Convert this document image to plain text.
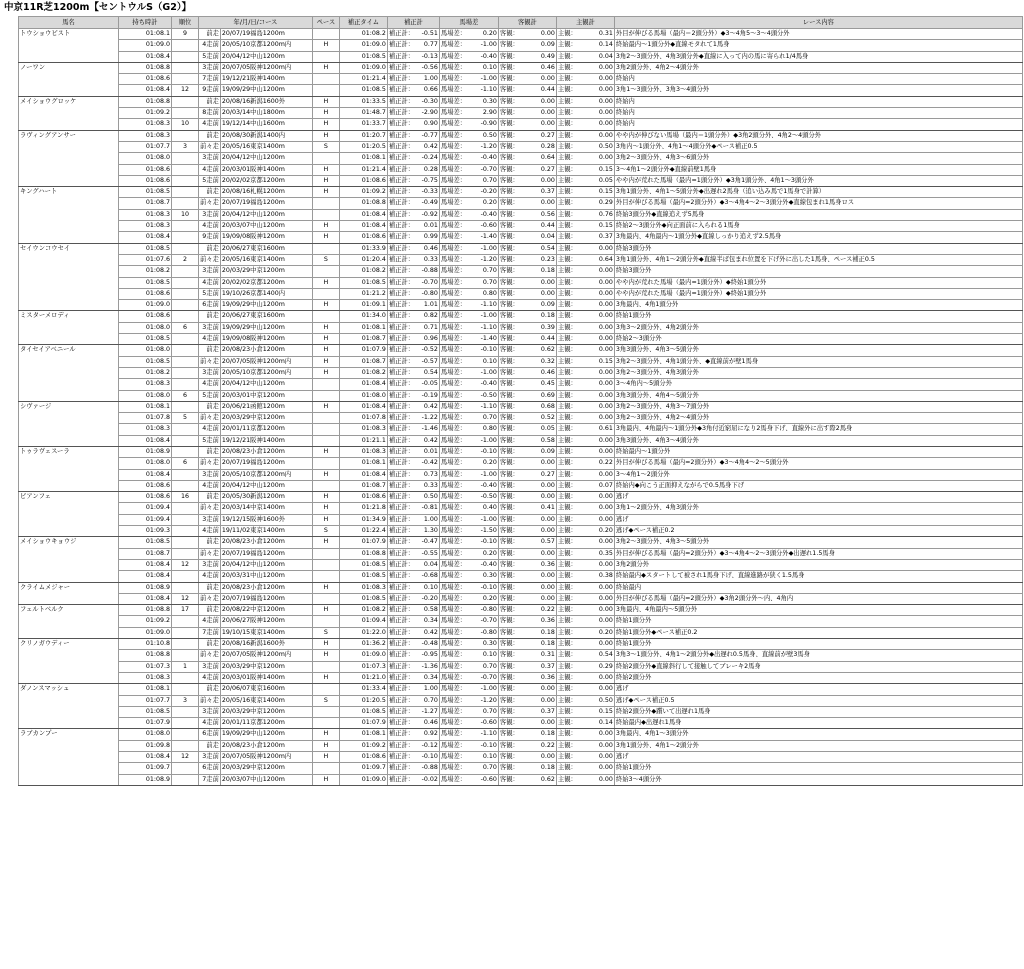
中京11R芝1200m【セントウルS（G2）】
馬名	持ち時計	順位	年/月/日/コース		ペース	補正タイム	補正計		馬場差		客観計		主観計		レース内容
トウショウピスト	01:08.1	9	前走	20/07/19福島1200m		01:08.2	補正計：	-0.51	馬場差：	0.20	客観：	0.00	主観：	0.31	外目が伸びる馬場（最内＝2頭分外）◆3～4角5～3～4頭分外
	01:09.0		4走前	20/05/10京都1200m内	H	01:09.0	補正計：	0.77	馬場差：	-1.00	客観：	0.09	主観：	0.14	終始最内～1頭分外◆直線モタれて1馬身
	01:08.4		5走前	20/04/12中山1200m		01:08.5	補正計：	-0.13	馬場差：	-0.40	客観：	0.49	主観：	0.04	3角2～3頭分外、4角3頭分外◆直線に入って内の馬に寄られ1/4馬身
ノーワン	01:08.8		3走前	20/07/05阪神1200m内	H	01:09.0	補正計：	-0.56	馬場差：	0.10	客観：	0.46	主観：	0.00	3角2頭分外、4角2～4頭分外
	01:08.6		7走前	19/12/21阪神1400m		01:21.4	補正計：	1.00	馬場差：	-1.00	客観：	0.00	主観：	0.00	終始内
	01:08.4	12	9走前	19/09/29中山1200m		01:08.5	補正計：	0.66	馬場差：	-1.10	客観：	0.44	主観：	0.00	3角1～3頭分外、3角3～4頭分外
メイショウグロッケ	01:08.8		前走	20/08/16新潟1600外	H	01:33.5	補正計：	-0.30	馬場差：	0.30	客観：	0.00	主観：	0.00	終始内
	01:09.2		8走前	20/03/14中山1800m	H	01:48.7	補正計：	-2.90	馬場差：	2.90	客観：	0.00	主観：	0.00	終始内
	01:08.3	10	4走前	19/12/14中山1600m	H	01:33.7	補正計：	0.90	馬場差：	-0.90	客観：	0.00	主観：	0.00	終始内
ラヴィングアンサー	01:08.3		前走	20/08/30新潟1400内	H	01:20.7	補正計：	-0.77	馬場差：	0.50	客観：	0.27	主観：	0.00	やや内が伸びない馬場（最内＝1頭分外）◆3角2頭分外、4角2～4頭分外
	01:07.7	3	前々走	20/05/16東京1400m	S	01:20.5	補正計：	0.42	馬場差：	-1.20	客観：	0.28	主観：	0.50	3角内～1頭分外、4角1～4頭分外◆ペース補正0.5
	01:08.0		3走前	20/04/12中山1200m		01:08.1	補正計：	-0.24	馬場差：	-0.40	客観：	0.64	主観：	0.00	3角2～3頭分外、4角3～6頭分外
	01:08.6		4走前	20/03/01阪神1400m	H	01:21.4	補正計：	0.28	馬場差：	-0.70	客観：	0.27	主観：	0.15	3～4角1～2頭分外◆直線前壁1馬身
	01:08.6		5走前	20/02/02京都1200m	H	01:08.6	補正計：	-0.75	馬場差：	0.70	客観：	0.00	主観：	0.05	やや内が荒れた馬場（最内=1頭分外）◆3角1頭分外、4角1～3頭分外
キングハート	01:08.5		前走	20/08/16札幌1200m	H	01:09.2	補正計：	-0.33	馬場差：	-0.20	客観：	0.37	主観：	0.15	3角1頭分外、4角1～5頭分外◆出遅れ2馬身（追い込み馬で1馬身で計算）
	01:08.7		前々走	20/07/19福島1200m		01:08.8	補正計：	-0.49	馬場差：	0.20	客観：	0.00	主観：	0.29	外目が伸びる馬場（最内=2頭分外）◆3～4角4～2～3頭分外◆直線包まれ1馬身ロス
	01:08.3	10	3走前	20/04/12中山1200m		01:08.4	補正計：	-0.92	馬場差：	-0.40	客観：	0.56	主観：	0.76	終始3頭分外◆直線追えず5馬身
	01:08.3		4走前	20/03/07中山1200m	H	01:08.4	補正計：	0.01	馬場差：	-0.60	客観：	0.44	主観：	0.15	終始2～3頭分外◆向正面前に入られる1馬身
	01:08.4		9走前	19/09/08阪神1200m	H	01:08.6	補正計：	0.99	馬場差：	-1.40	客観：	0.04	主観：	0.37	3角最内、4角最内～1頭分外◆直線しっかり追えず2.5馬身
セイウンコウセイ	01:08.5		前走	20/06/27東京1600m		01:33.9	補正計：	0.46	馬場差：	-1.00	客観：	0.54	主観：	0.00	終始3頭分外
	01:07.6	2	前々走	20/05/16東京1400m	S	01:20.4	補正計：	0.33	馬場差：	-1.20	客観：	0.23	主観：	0.64	3角1頭分外、4角1～2頭分外◆直線半ば包まれ位置を下げ外に出した1馬身、ペース補正0.5
	01:08.2		3走前	20/03/29中京1200m		01:08.2	補正計：	-0.88	馬場差：	0.70	客観：	0.18	主観：	0.00	終始3頭分外
	01:08.5		4走前	20/02/02京都1200m	H	01:08.5	補正計：	-0.70	馬場差：	0.70	客観：	0.00	主観：	0.00	やや内が荒れた馬場（最内=1頭分外）◆終始1頭分外
	01:08.6		5走前	19/10/26京都1400内		01:21.2	補正計：	-0.80	馬場差：	0.80	客観：	0.00	主観：	0.00	やや内が荒れた馬場（最内=1頭分外）◆終始1頭分外
	01:09.0		6走前	19/09/29中山1200m	H	01:09.1	補正計：	1.01	馬場差：	-1.10	客観：	0.09	主観：	0.00	3角最内、4角1頭分外
ミスターメロディ	01:08.6		前走	20/06/27東京1600m		01:34.0	補正計：	0.82	馬場差：	-1.00	客観：	0.18	主観：	0.00	終始1頭分外
	01:08.0	6	3走前	19/09/29中山1200m	H	01:08.1	補正計：	0.71	馬場差：	-1.10	客観：	0.39	主観：	0.00	3角3～2頭分外、4角2頭分外
	01:08.5		4走前	19/09/08阪神1200m	H	01:08.7	補正計：	0.96	馬場差：	-1.40	客観：	0.44	主観：	0.00	終始2～3頭分外
タイセイアベニール	01:08.0		前走	20/08/23小倉1200m	H	01:07.9	補正計：	-0.52	馬場差：	-0.10	客観：	0.62	主観：	0.00	3角3頭分外、4角3～5頭分外
	01:08.5		前々走	20/07/05阪神1200m内	H	01:08.7	補正計：	-0.57	馬場差：	0.10	客観：	0.32	主観：	0.15	3角2～3頭分外、4角1頭分外、◆直線前が壁1馬身
	01:08.2		3走前	20/05/10京都1200m内	H	01:08.2	補正計：	0.54	馬場差：	-1.00	客観：	0.46	主観：	0.00	3角2～3頭分外、4角3頭分外
	01:08.3		4走前	20/04/12中山1200m		01:08.4	補正計：	-0.05	馬場差：	-0.40	客観：	0.45	主観：	0.00	3～4角内～5頭分外
	01:08.0	6	5走前	20/03/01中京1200m		01:08.0	補正計：	-0.19	馬場差：	-0.50	客観：	0.69	主観：	0.00	3角3頭分外、4角4～5頭分外
シヴァージ	01:08.1		前走	20/06/21函館1200m	H	01:08.4	補正計：	0.42	馬場差：	-1.10	客観：	0.68	主観：	0.00	3角2～3頭分外、4角3～7頭分外
	01:07.8	5	前々走	20/03/29中京1200m		01:07.8	補正計：	-1.22	馬場差：	0.70	客観：	0.52	主観：	0.00	3角2～3頭分外、4角2～4頭分外
	01:08.3		4走前	20/01/11京都1200m		01:08.3	補正計：	-1.46	馬場差：	0.80	客観：	0.05	主観：	0.61	3角最内、4角最内～1頭分外◆3角付近窮屈になり2馬身下げ、直線外に出す際2馬身
	01:08.4		5走前	19/12/21阪神1400m		01:21.1	補正計：	0.42	馬場差：	-1.00	客観：	0.58	主観：	0.00	3角3頭分外、4角3～4頭分外
トゥラヴェスーラ	01:08.9		前走	20/08/23小倉1200m	H	01:08.3	補正計：	0.01	馬場差：	-0.10	客観：	0.09	主観：	0.00	終始最内～1頭分外
	01:08.0	6	前々走	20/07/19福島1200m		01:08.1	補正計：	-0.42	馬場差：	0.20	客観：	0.00	主観：	0.22	外目が伸びる馬場（最内=2頭分外）◆3～4角4～2～5頭分外
	01:08.4		3走前	20/05/10京都1200m内	H	01:08.4	補正計：	0.73	馬場差：	-1.00	客観：	0.27	主観：	0.00	3～4角1～2頭分外
	01:08.6		4走前	20/04/12中山1200m		01:08.7	補正計：	0.33	馬場差：	-0.40	客観：	0.00	主観：	0.07	終始内◆向こう正面抑えながらで0.5馬身下げ
ビアンフェ	01:08.6	16	前走	20/05/30新潟1200m	H	01:08.6	補正計：	0.50	馬場差：	-0.50	客観：	0.00	主観：	0.00	逃げ
	01:09.4		前々走	20/03/14中京1400m	H	01:21.8	補正計：	-0.81	馬場差：	0.40	客観：	0.41	主観：	0.00	3角1～2頭分外、4角3頭分外
	01:09.4		3走前	19/12/15阪神1600外	H	01:34.9	補正計：	1.00	馬場差：	-1.00	客観：	0.00	主観：	0.00	逃げ
	01:09.3		4走前	19/11/02東京1400m	S	01:22.4	補正計：	1.30	馬場差：	-1.50	客観：	0.00	主観：	0.20	逃げ◆ペース補正0.2
メイショウキョウジ	01:08.5		前走	20/08/23小倉1200m	H	01:07.9	補正計：	-0.47	馬場差：	-0.10	客観：	0.57	主観：	0.00	3角2～3頭分外、4角3～5頭分外
	01:08.7		前々走	20/07/19福島1200m		01:08.8	補正計：	-0.55	馬場差：	0.20	客観：	0.00	主観：	0.35	外目が伸びる馬場（最内=2頭分外）◆3～4角4～2～3頭分外◆出遅れ1.5馬身
	01:08.4	12	3走前	20/04/12中山1200m		01:08.5	補正計：	0.04	馬場差：	-0.40	客観：	0.36	主観：	0.00	3角2頭分外
	01:08.4		4走前	20/03/31中山1200m		01:08.5	補正計：	-0.68	馬場差：	0.30	客観：	0.00	主観：	0.38	終始最内◆スタートして被され1馬身下げ、直線進路が狭く1.5馬身
クライムメジャー	01:08.9		前走	20/08/23小倉1200m	H	01:08.3	補正計：	0.10	馬場差：	-0.10	客観：	0.00	主観：	0.00	終始最内
	01:08.4	12	前々走	20/07/19福島1200m		01:08.5	補正計：	-0.20	馬場差：	0.20	客観：	0.00	主観：	0.00	外目が伸びる馬場（最内=2頭分外）◆3角2頭分外～内、4角内
フェルトベルク	01:08.8	17	前走	20/08/22中京1200m	H	01:08.2	補正計：	0.58	馬場差：	-0.80	客観：	0.22	主観：	0.00	3角最内、4角最内～5頭分外
	01:09.2		4走前	20/06/27阪神1200m		01:09.4	補正計：	0.34	馬場差：	-0.70	客観：	0.36	主観：	0.00	終始1頭分外
	01:09.0		7走前	19/10/15東京1400m	S	01:22.0	補正計：	0.42	馬場差：	-0.80	客観：	0.18	主観：	0.20	終始1頭分外◆ペース補正0.2
クリノガウディー	01:10.8		前走	20/08/16新潟1600外	H	01:36.2	補正計：	-0.48	馬場差：	0.30	客観：	0.18	主観：	0.00	終始1頭分外
	01:08.8		前々走	20/07/05阪神1200m内	H	01:09.0	補正計：	-0.95	馬場差：	0.10	客観：	0.31	主観：	0.54	3角3～1頭分外、4角1～2頭分外◆出遅れ0.5馬身、直線前が壁3馬身
	01:07.3	1	3走前	20/03/29中京1200m		01:07.3	補正計：	-1.36	馬場差：	0.70	客観：	0.37	主観：	0.29	終始2頭分外◆直線斜行して接触してブレーキ2馬身
	01:08.3		4走前	20/03/01阪神1400m	H	01:21.0	補正計：	0.34	馬場差：	-0.70	客観：	0.36	主観：	0.00	終始2頭分外
ダノンスマッシュ	01:08.1		前走	20/06/07東京1600m		01:33.4	補正計：	1.00	馬場差：	-1.00	客観：	0.00	主観：	0.00	逃げ
	01:07.7	3	前々走	20/05/16東京1400m	S	01:20.5	補正計：	0.70	馬場差：	-1.20	客観：	0.00	主観：	0.50	逃げ◆ペース補正0.5
	01:08.5		3走前	20/03/29中京1200m		01:08.5	補正計：	-1.27	馬場差：	0.70	客観：	0.37	主観：	0.15	終始2頭分外◆躓いて出遅れ1馬身
	01:07.9		4走前	20/01/11京都1200m		01:07.9	補正計：	0.46	馬場差：	-0.60	客観：	0.00	主観：	0.14	終始最内◆出遅れ1馬身
ラブカンプー	01:08.0		6走前	19/09/29中山1200m	H	01:08.1	補正計：	0.92	馬場差：	-1.10	客観：	0.18	主観：	0.00	3角最内、4角1～3頭分外
	01:09.8		前走	20/08/23小倉1200m	H	01:09.2	補正計：	-0.12	馬場差：	-0.10	客観：	0.22	主観：	0.00	3角1頭分外、4角1～2頭分外
	01:08.4	12	3走前	20/07/05阪神1200m内	H	01:08.6	補正計：	-0.10	馬場差：	0.10	客観：	0.00	主観：	0.00	逃げ
	01:09.7		6走前	20/03/29中京1200m		01:09.7	補正計：	-0.88	馬場差：	0.70	客観：	0.18	主観：	0.00	終始1頭分外
	01:08.9		7走前	20/03/07中山1200m	H	01:09.0	補正計：	-0.02	馬場差：	-0.60	客観：	0.62	主観：	0.00	終始3～4頭分外
